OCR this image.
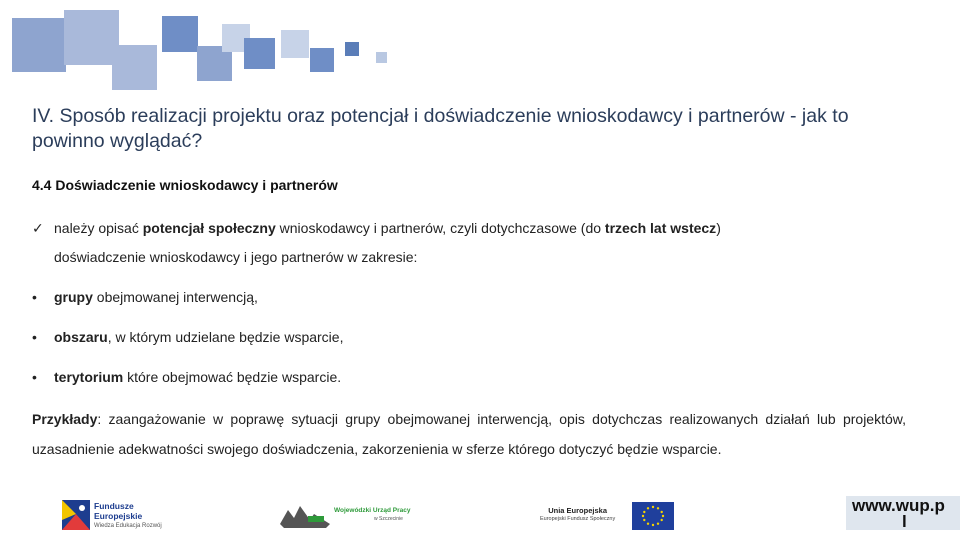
IV. Sposób realizacji projektu oraz potencjał i doświadczenie wnioskodawcy i partnerów - jak to powinno wyglądać?
4.4 Doświadczenie wnioskodawcy i partnerów
✓ należy opisać potencjał społeczny wnioskodawcy i partnerów, czyli dotychczasowe (do trzech lat wstecz)
doświadczenie wnioskodawcy i jego partnerów w zakresie:
• grupy obejmowanej interwencją,
• obszaru, w którym udzielane będzie wsparcie,
• terytorium które obejmować będzie wsparcie.
Przykłady: zaangażowanie w poprawę sytuacji grupy obejmowanej interwencją, opis dotychczas realizowanych działań lub projektów, uzasadnienie adekwatności swojego doświadczenia, zakorzenienia w sferze którego dotyczyć będzie wsparcie.
Fundusze
Europejskie
Wiedza Edukacja Rozwój
Wojewódzki Urząd Pracy
w Szczecinie
Unia Europejska
Europejski Fundusz Społeczny
www.wup.p
l
